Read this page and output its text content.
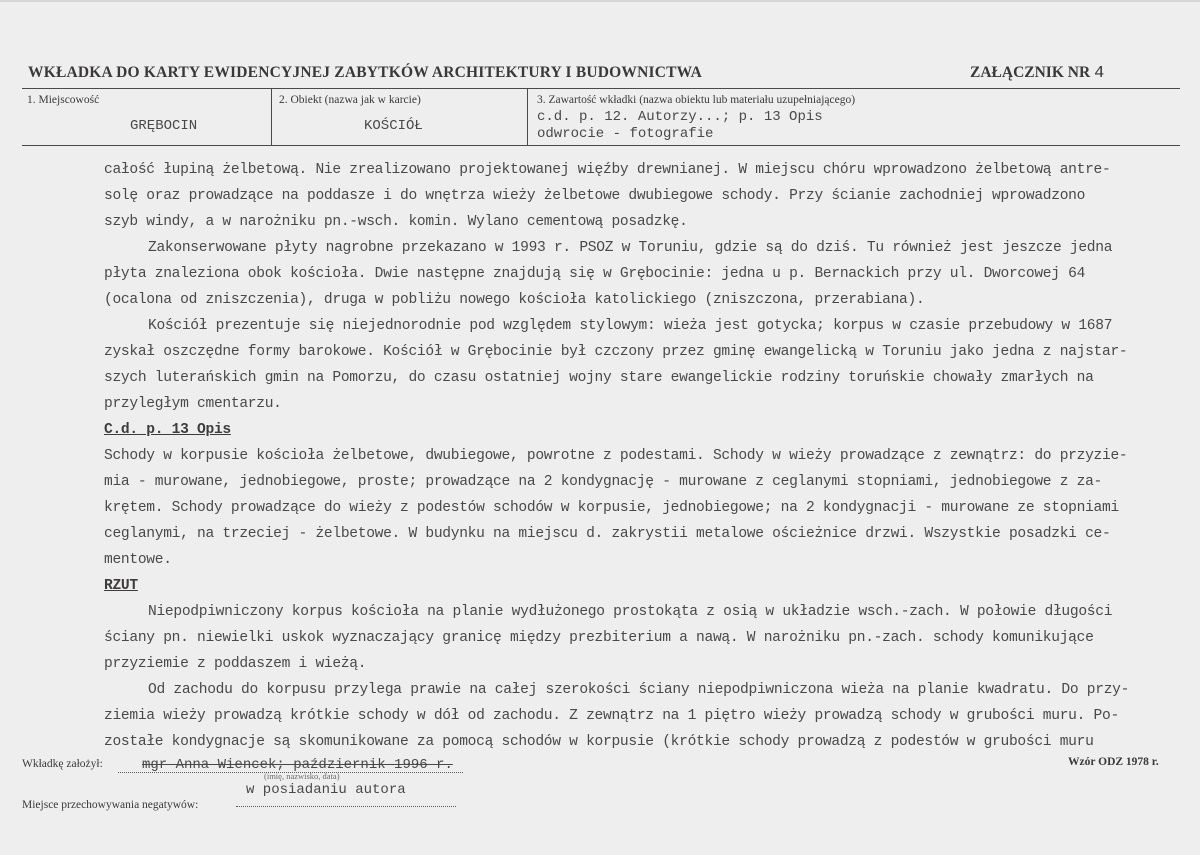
WKŁADKA DO KARTY EWIDENCYJNEJ ZABYTKÓW ARCHITEKTURY I BUDOWNICTWA	ZAŁĄCZNIK NR 4
1. Miejscowość
GRĘBOCIN
2. Obiekt (nazwa jak w karcie)
KOŚCIÓŁ
3. Zawartość wkładki (nazwa obiektu lub materiału uzupełniającego)
c.d. p. 12. Autorzy...; p. 13 Opis
odwrocie - fotografie
całość łupiną żelbetową. Nie zrealizowano projektowanej więźby drewnianej. W miejscu chóru wprowadzono żelbetową antre-
solę oraz prowadzące na poddasze i do wnętrza wieży żelbetowe dwubiegowe schody. Przy ścianie zachodniej wprowadzono
szyb windy, a w narożniku pn.-wsch. komin. Wylano cementową posadzkę.
Zakonserwowane płyty nagrobne przekazano w 1993 r. PSOZ w Toruniu, gdzie są do dziś. Tu również jest jeszcze jedna
płyta znaleziona obok kościoła. Dwie następne znajdują się w Grębocinie: jedna u p. Bernackich przy ul. Dworcowej 64
(ocalona od zniszczenia), druga w pobliżu nowego kościoła katolickiego (zniszczona, przerabiana).
Kościół prezentuje się niejednorodnie pod względem stylowym: wieża jest gotycka; korpus w czasie przebudowy w 1687
zyskał oszczędne formy barokowe. Kościół w Grębocinie był czczony przez gminę ewangelicką w Toruniu jako jedna z najstar-
szych luterańskich gmin na Pomorzu, do czasu ostatniej wojny stare ewangelickie rodziny toruńskie chowały zmarłych na
przyległym cmentarzu.
C.d. p. 13 Opis
Schody w korpusie kościoła żelbetowe, dwubiegowe, powrotne z podestami. Schody w wieży prowadzące z zewnątrz: do przyzie-
mia - murowane, jednobiegowe, proste; prowadzące na 2 kondygnację - murowane z ceglanymi stopniami, jednobiegowe z za-
krętem. Schody prowadzące do wieży z podestów schodów w korpusie, jednobiegowe; na 2 kondygnacji - murowane ze stopniami
ceglanymi, na trzeciej - żelbetowe. W budynku na miejscu d. zakrystii metalowe ościeżnice drzwi. Wszystkie posadzki ce-
mentowe.
RZUT
Niepodpiwniczony korpus kościoła na planie wydłużonego prostokąta z osią w układzie wsch.-zach. W połowie długości
ściany pn. niewielki uskok wyznaczający granicę między prezbiterium a nawą. W narożniku pn.-zach. schody komunikujące
przyziemie z poddaszem i wieżą.
Od zachodu do korpusu przylega prawie na całej szerokości ściany niepodpiwniczona wieża na planie kwadratu. Do przy-
ziemia wieży prowadzą krótkie schody w dół od zachodu. Z zewnątrz na 1 piętro wieży prowadzą schody w grubości muru. Po-
zostałe kondygnacje są skomunikowane za pomocą schodów w korpusie (krótkie schody prowadzą z podestów w grubości muru
Wkładkę założył:	mgr Anna Wiencek; październik 1996 r.
(imię, nazwisko, data)
Miejsce przechowywania negatywów:
w posiadaniu autora
Wzór ODZ 1978 r.
